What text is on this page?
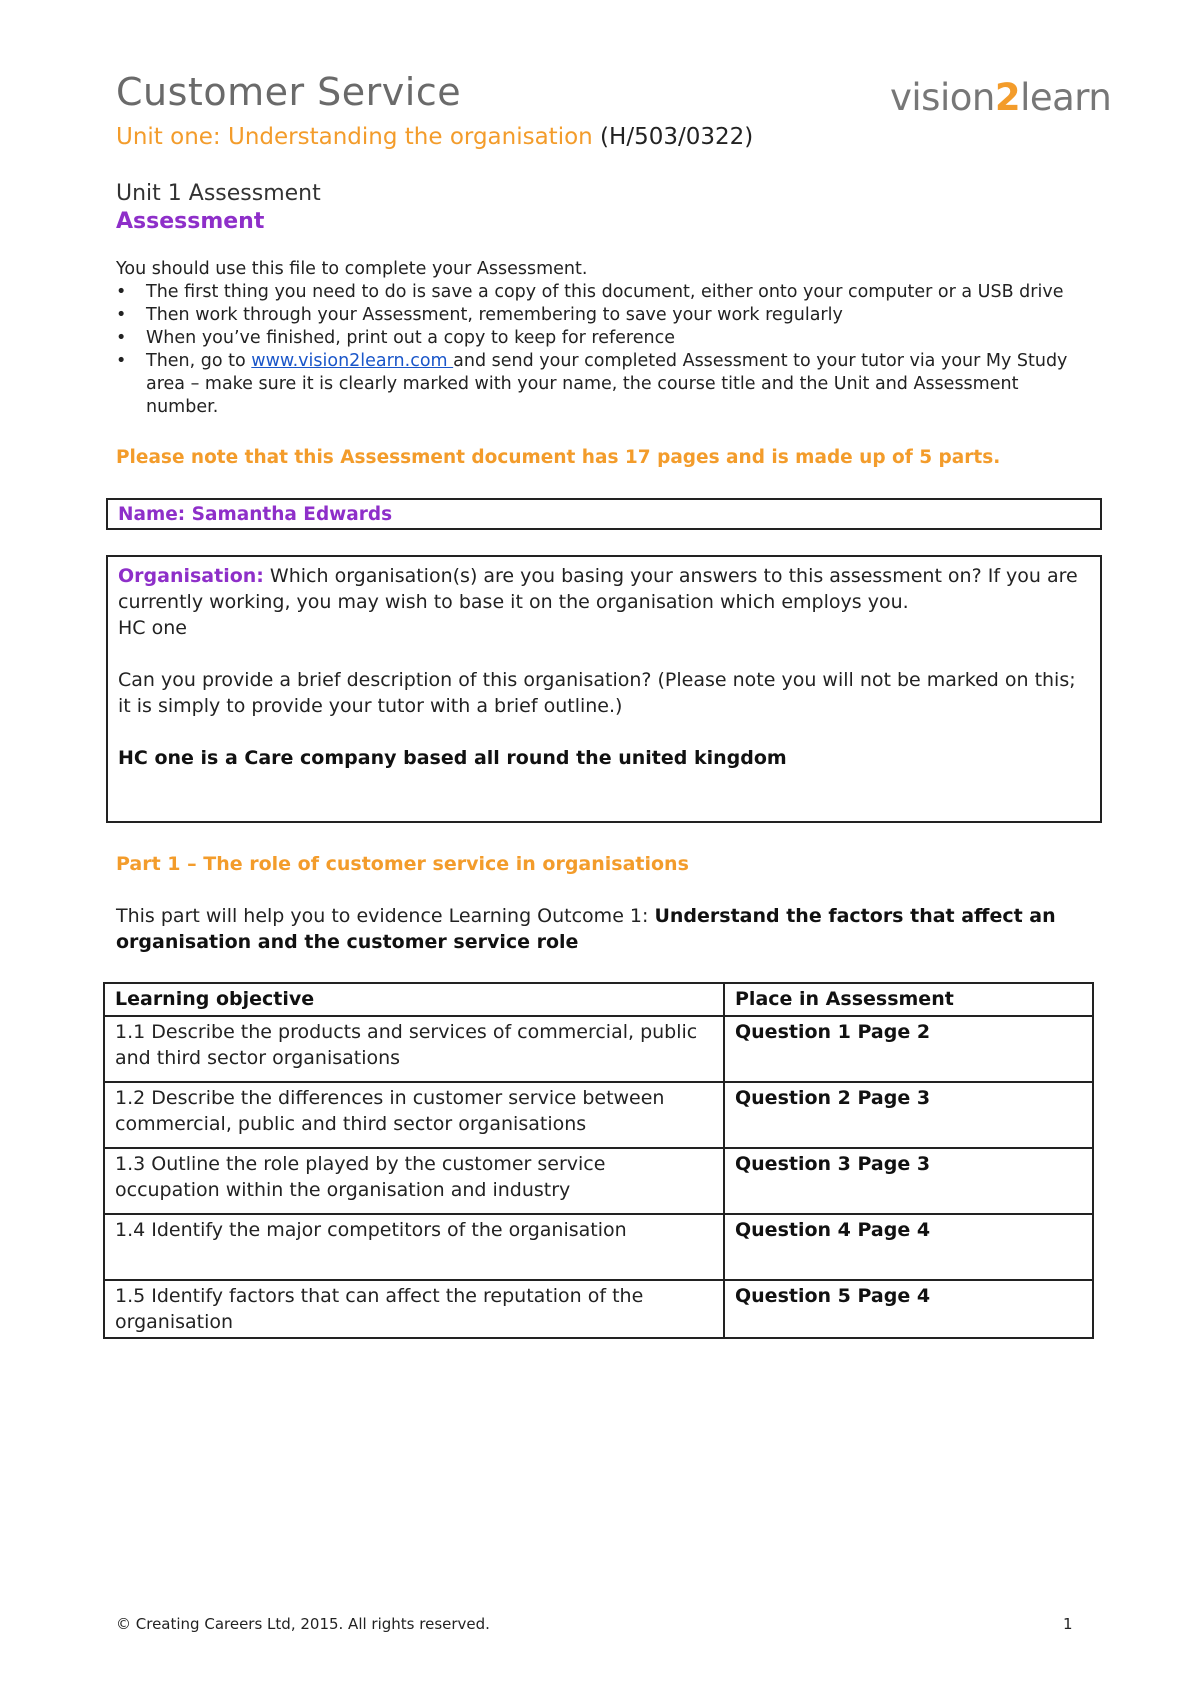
Customer Service	vision2learn
Unit one: Understanding the organisation (H/503/0322)
Unit 1 Assessment
Assessment
You should use this file to complete your Assessment.
• The first thing you need to do is save a copy of this document, either onto your computer or a USB drive
• Then work through your Assessment, remembering to save your work regularly
• When you’ve finished, print out a copy to keep for reference
• Then, go to www.vision2learn.com and send your completed Assessment to your tutor via your My Study area – make sure it is clearly marked with your name, the course title and the Unit and Assessment number.
Please note that this Assessment document has 17 pages and is made up of 5 parts.
Name: Samantha Edwards

Organisation: Which organisation(s) are you basing your answers to this assessment on? If you are currently working, you may wish to base it on the organisation which employs you.

HC one

Can you provide a brief description of this organisation? (Please note you will not be marked on this; it is simply to provide your tutor with a brief outline.)

HC one is a Care company based all round the united kingdom

Part 1 – The role of customer service in organisations
This part will help you to evidence Learning Outcome 1: Understand the factors that affect an organisation and the customer service role
Learning objective	Place in Assessment
1.1 Describe the products and services of commercial, public and third sector organisations	Question 1 Page 2
1.2 Describe the differences in customer service between commercial, public and third sector organisations	Question 2 Page 3
1.3 Outline the role played by the customer service occupation within the organisation and industry	Question 3 Page 3
1.4 Identify the major competitors of the organisation	Question 4 Page 4
1.5 Identify factors that can affect the reputation of the organisation	Question 5 Page 4
© Creating Careers Ltd, 2015. All rights reserved.	1
